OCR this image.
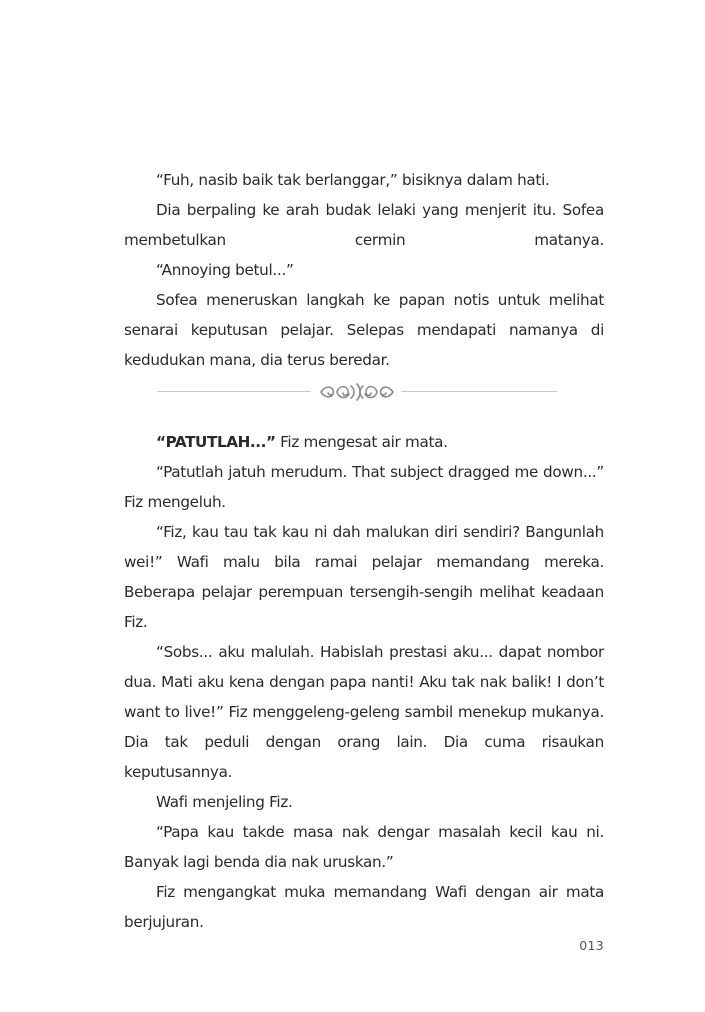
“Fuh, nasib baik tak berlanggar,” bisiknya dalam hati.

Dia berpaling ke arah budak lelaki yang menjerit itu. Sofea membetulkan cermin matanya.

“Annoying betul...”

Sofea meneruskan langkah ke papan notis untuk melihat senarai keputusan pelajar. Selepas mendapati namanya di kedudukan mana, dia terus beredar.

“PATUTLAH...” Fiz mengesat air mata.

“Patutlah jatuh merudum. That subject dragged me down...” Fiz mengeluh.

“Fiz, kau tau tak kau ni dah malukan diri sendiri? Bangunlah wei!” Wafi malu bila ramai pelajar memandang mereka. Beberapa pelajar perempuan tersengih-sengih melihat keadaan Fiz.

“Sobs... aku malulah. Habislah prestasi aku... dapat nombor dua. Mati aku kena dengan papa nanti! Aku tak nak balik! I don’t want to live!” Fiz menggeleng-geleng sambil menekup mukanya. Dia tak peduli dengan orang lain. Dia cuma risaukan keputusannya.

Wafi menjeling Fiz.

“Papa kau takde masa nak dengar masalah kecil kau ni. Banyak lagi benda dia nak uruskan.”

Fiz mengangkat muka memandang Wafi dengan air mata berjujuran.

013
